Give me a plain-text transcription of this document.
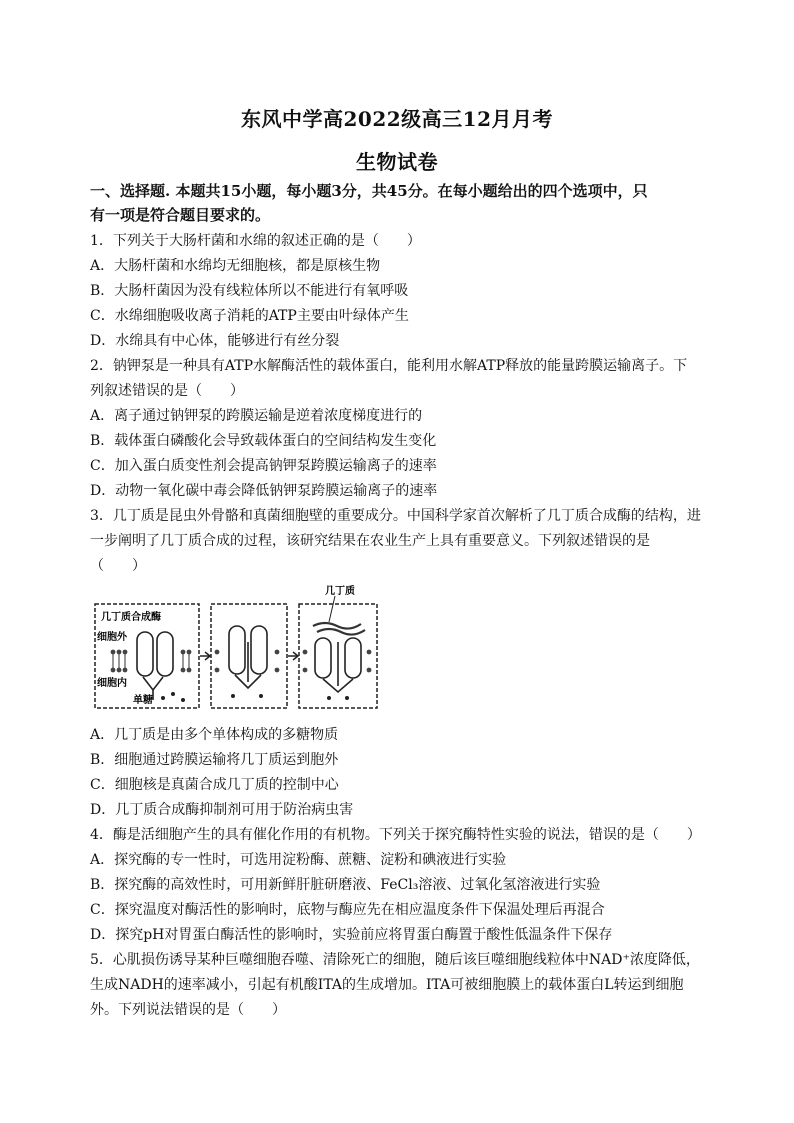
东风中学高2022级高三12月月考
生物试卷
一、选择题. 本题共15小题，每小题3分，共45分。在每小题给出的四个选项中，只
有一项是符合题目要求的。
1．下列关于大肠杆菌和水绵的叙述正确的是（　　）
A．大肠杆菌和水绵均无细胞核，都是原核生物
B．大肠杆菌因为没有线粒体所以不能进行有氧呼吸
C．水绵细胞吸收离子消耗的ATP主要由叶绿体产生
D．水绵具有中心体，能够进行有丝分裂
2．钠钾泵是一种具有ATP水解酶活性的载体蛋白，能利用水解ATP释放的能量跨膜运输离子。下
列叙述错误的是（　　）
A．离子通过钠钾泵的跨膜运输是逆着浓度梯度进行的
B．载体蛋白磷酸化会导致载体蛋白的空间结构发生变化
C．加入蛋白质变性剂会提高钠钾泵跨膜运输离子的速率
D．动物一氧化碳中毒会降低钠钾泵跨膜运输离子的速率
3．几丁质是昆虫外骨骼和真菌细胞壁的重要成分。中国科学家首次解析了几丁质合成酶的结构，进
一步阐明了几丁质合成的过程，该研究结果在农业生产上具有重要意义。下列叙述错误的是
（　　）
几丁质合成酶
细胞外
细胞内
单糖
几丁质
A．几丁质是由多个单体构成的多糖物质
B．细胞通过跨膜运输将几丁质运到胞外
C．细胞核是真菌合成几丁质的控制中心
D．几丁质合成酶抑制剂可用于防治病虫害
4．酶是活细胞产生的具有催化作用的有机物。下列关于探究酶特性实验的说法，错误的是（　　）
A．探究酶的专一性时，可选用淀粉酶、蔗糖、淀粉和碘液进行实验
B．探究酶的高效性时，可用新鲜肝脏研磨液、FeCl₃溶液、过氧化氢溶液进行实验
C．探究温度对酶活性的影响时，底物与酶应先在相应温度条件下保温处理后再混合
D．探究pH对胃蛋白酶活性的影响时，实验前应将胃蛋白酶置于酸性低温条件下保存
5．心肌损伤诱导某种巨噬细胞吞噬、清除死亡的细胞，随后该巨噬细胞线粒体中NAD⁺浓度降低，
生成NADH的速率减小，引起有机酸ITA的生成增加。ITA可被细胞膜上的载体蛋白L转运到细胞
外。下列说法错误的是（　　）
